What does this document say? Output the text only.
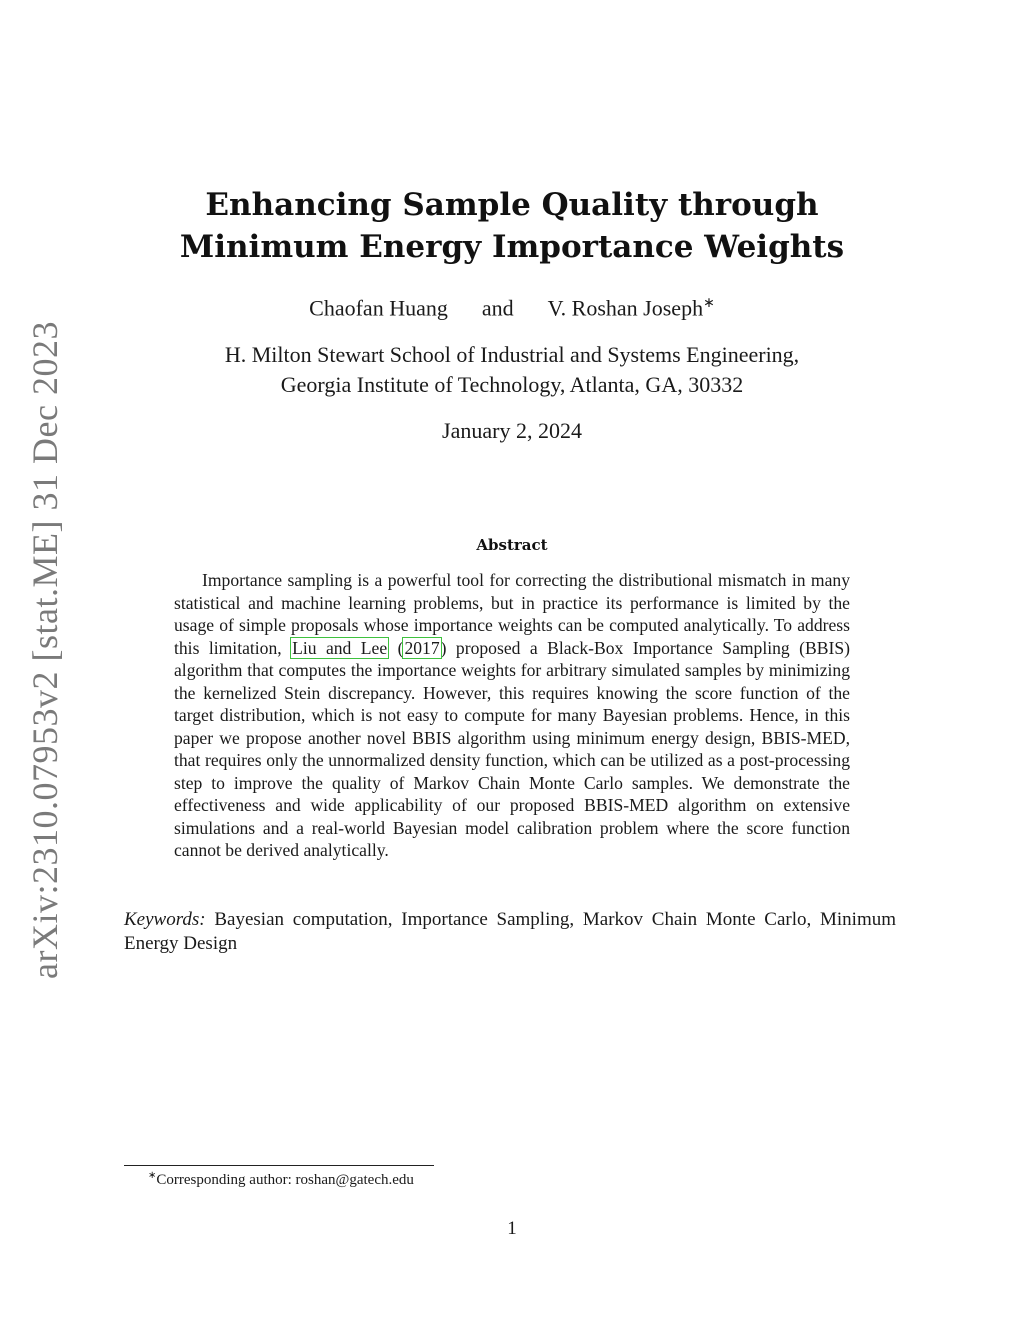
arXiv:2310.07953v2 [stat.ME] 31 Dec 2023
Enhancing Sample Quality through
Minimum Energy Importance Weights
Chaofan Huang and V. Roshan Joseph∗
H. Milton Stewart School of Industrial and Systems Engineering,
Georgia Institute of Technology, Atlanta, GA, 30332
January 2, 2024
Abstract
Importance sampling is a powerful tool for correcting the distributional mismatch in many statistical and machine learning problems, but in practice its performance is limited by the usage of simple proposals whose importance weights can be computed analytically. To address this limitation, Liu and Lee (2017) proposed a Black-Box Importance Sampling (BBIS) algorithm that computes the importance weights for arbitrary simulated samples by minimizing the kernelized Stein discrepancy. However, this requires knowing the score function of the target distribution, which is not easy to compute for many Bayesian problems. Hence, in this paper we propose another novel BBIS algorithm using minimum energy design, BBIS-MED, that requires only the unnormalized density function, which can be utilized as a post-processing step to improve the quality of Markov Chain Monte Carlo samples. We demonstrate the effectiveness and wide applicability of our proposed BBIS-MED algorithm on extensive simulations and a real-world Bayesian model calibration problem where the score function cannot be derived analytically.
Keywords: Bayesian computation, Importance Sampling, Markov Chain Monte Carlo, Minimum Energy Design
∗Corresponding author: roshan@gatech.edu
1
